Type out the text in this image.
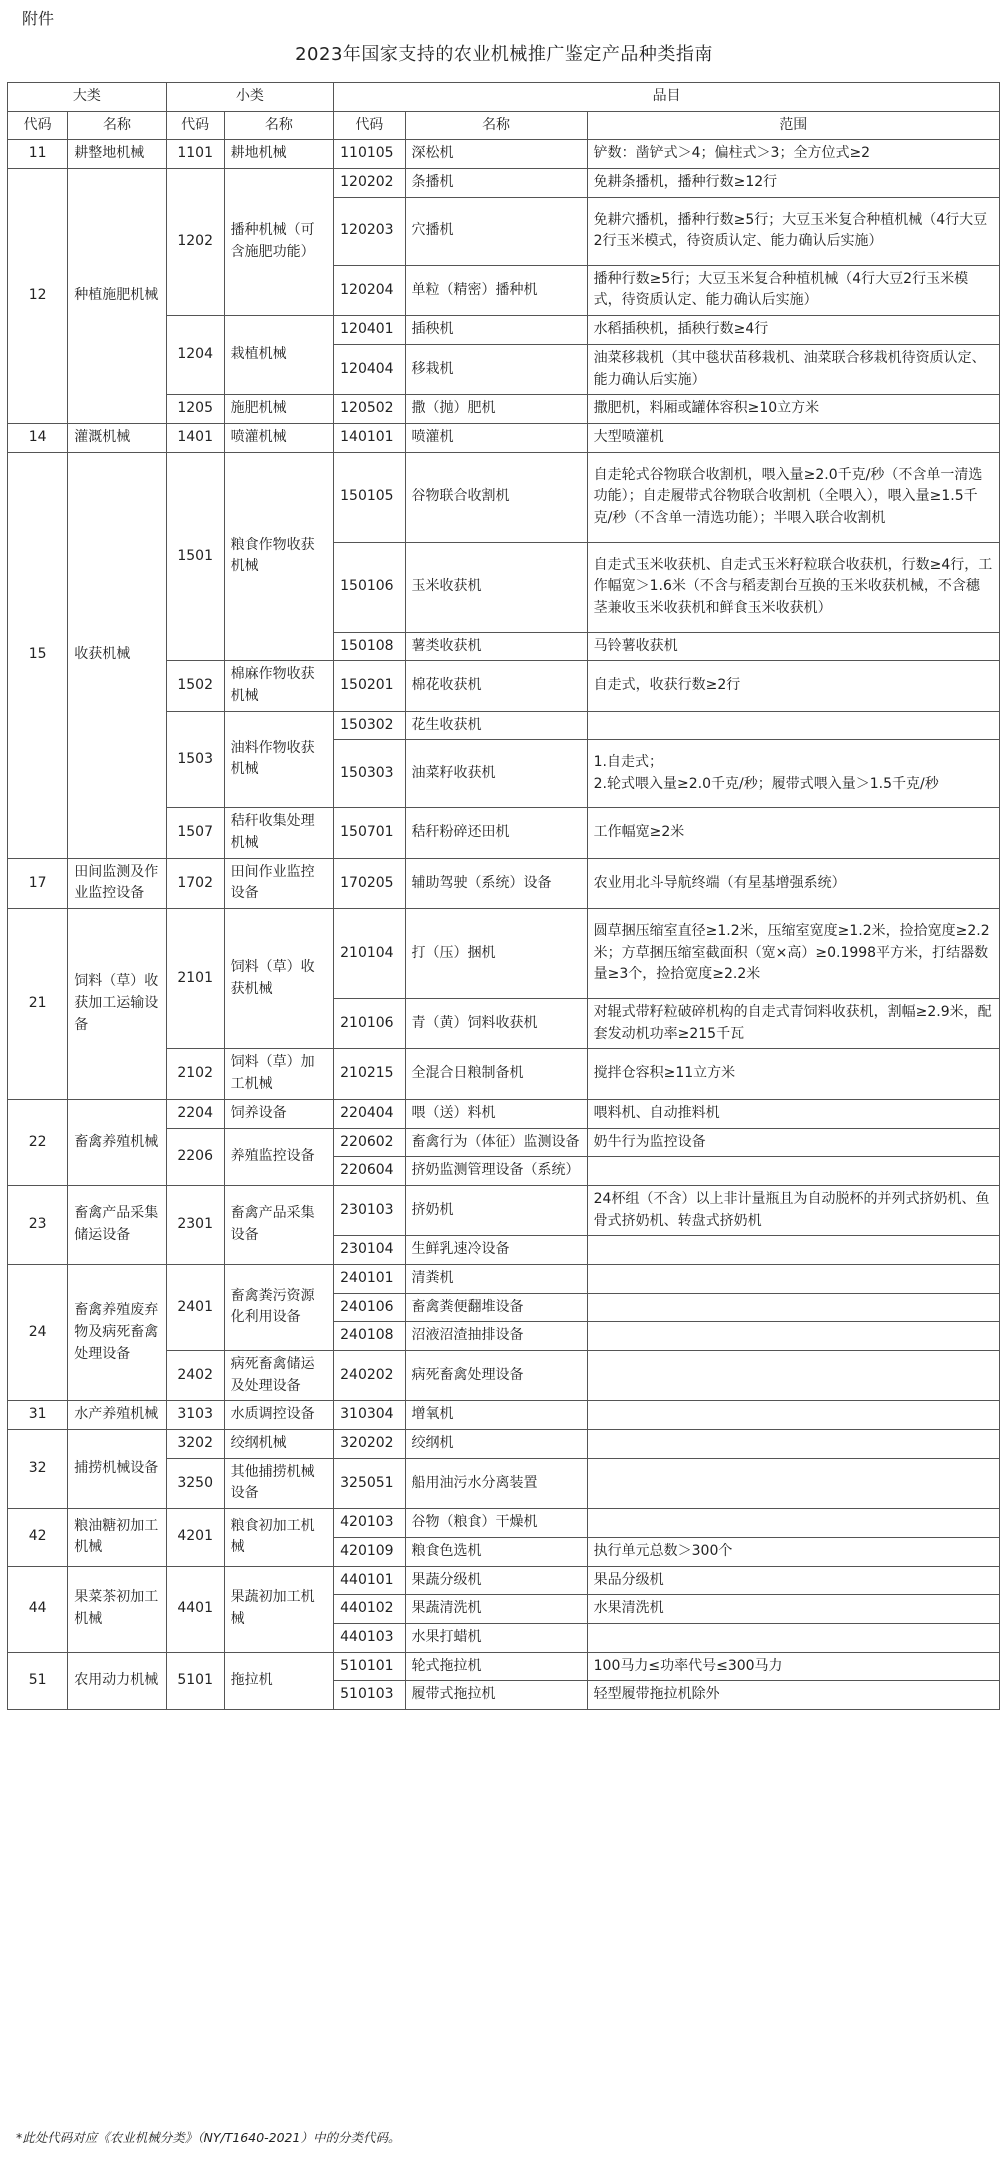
附件
2023年国家支持的农业机械推广鉴定产品种类指南
大类		小类		品目		
代码	名称	代码	名称	代码	名称	范围
11	耕整地机械	1101	耕地机械	110105	深松机	铲数：凿铲式＞4；偏柱式＞3；全方位式≥2
12	种植施肥机械	1202	播种机械（可含施肥功能）	120202	条播机	免耕条播机，播种行数≥12行
				120203	穴播机	免耕穴播机，播种行数≥5行；大豆玉米复合种植机械（4行大豆2行玉米模式，待资质认定、能力确认后实施）
				120204	单粒（精密）播种机	播种行数≥5行；大豆玉米复合种植机械（4行大豆2行玉米模式，待资质认定、能力确认后实施）
		1204	栽植机械	120401	插秧机	水稻插秧机，插秧行数≥4行
				120404	移栽机	油菜移栽机（其中毯状苗移栽机、油菜联合移栽机待资质认定、能力确认后实施）
		1205	施肥机械	120502	撒（抛）肥机	撒肥机，料厢或罐体容积≥10立方米
14	灌溉机械	1401	喷灌机械	140101	喷灌机	大型喷灌机
15	收获机械	1501	粮食作物收获机械	150105	谷物联合收割机	自走轮式谷物联合收割机，喂入量≥2.0千克/秒（不含单一清选功能）；自走履带式谷物联合收割机（全喂入），喂入量≥1.5千克/秒（不含单一清选功能）；半喂入联合收割机
				150106	玉米收获机	自走式玉米收获机、自走式玉米籽粒联合收获机，行数≥4行，工作幅宽＞1.6米（不含与稻麦割台互换的玉米收获机械，不含穗茎兼收玉米收获机和鲜食玉米收获机）
				150108	薯类收获机	马铃薯收获机
		1502	棉麻作物收获机械	150201	棉花收获机	自走式，收获行数≥2行
		1503	油料作物收获机械	150302	花生收获机	
				150303	油菜籽收获机	1.自走式；
2.轮式喂入量≥2.0千克/秒；履带式喂入量＞1.5千克/秒

		1507	秸秆收集处理机械	150701	秸秆粉碎还田机	工作幅宽≥2米
17	田间监测及作业监控设备	1702	田间作业监控设备	170205	辅助驾驶（系统）设备	农业用北斗导航终端（有星基增强系统）
21	饲料（草）收获加工运输设备	2101	饲料（草）收获机械	210104	打（压）捆机	圆草捆压缩室直径≥1.2米，压缩室宽度≥1.2米，捡拾宽度≥2.2米；方草捆压缩室截面积（宽×高）≥0.1998平方米，打结器数量≥3个，捡拾宽度≥2.2米
				210106	青（黄）饲料收获机	对辊式带籽粒破碎机构的自走式青饲料收获机，割幅≥2.9米，配套发动机功率≥215千瓦
		2102	饲料（草）加工机械	210215	全混合日粮制备机	搅拌仓容积≥11立方米
22	畜禽养殖机械	2204	饲养设备	220404	喂（送）料机	喂料机、自动推料机
		2206	养殖监控设备	220602	畜禽行为（体征）监测设备	奶牛行为监控设备
				220604	挤奶监测管理设备（系统）	
23	畜禽产品采集储运设备	2301	畜禽产品采集设备	230103	挤奶机	24杯组（不含）以上非计量瓶且为自动脱杯的并列式挤奶机、鱼骨式挤奶机、转盘式挤奶机
				230104	生鲜乳速冷设备	
24	畜禽养殖废弃物及病死畜禽处理设备	2401	畜禽粪污资源化利用设备	240101	清粪机	
				240106	畜禽粪便翻堆设备	
				240108	沼液沼渣抽排设备	
		2402	病死畜禽储运及处理设备	240202	病死畜禽处理设备	
31	水产养殖机械	3103	水质调控设备	310304	增氧机	
32	捕捞机械设备	3202	绞纲机械	320202	绞纲机	
		3250	其他捕捞机械设备	325051	船用油污水分离装置	
42	粮油糖初加工机械	4201	粮食初加工机械	420103	谷物（粮食）干燥机	
				420109	粮食色选机	执行单元总数＞300个
44	果菜茶初加工机械	4401	果蔬初加工机械	440101	果蔬分级机	果品分级机
				440102	果蔬清洗机	水果清洗机
				440103	水果打蜡机	
51	农用动力机械	5101	拖拉机	510101	轮式拖拉机	100马力≤功率代号≤300马力
				510103	履带式拖拉机	轻型履带拖拉机除外
*此处代码对应《农业机械分类》（NY/T1640-2021）中的分类代码。
